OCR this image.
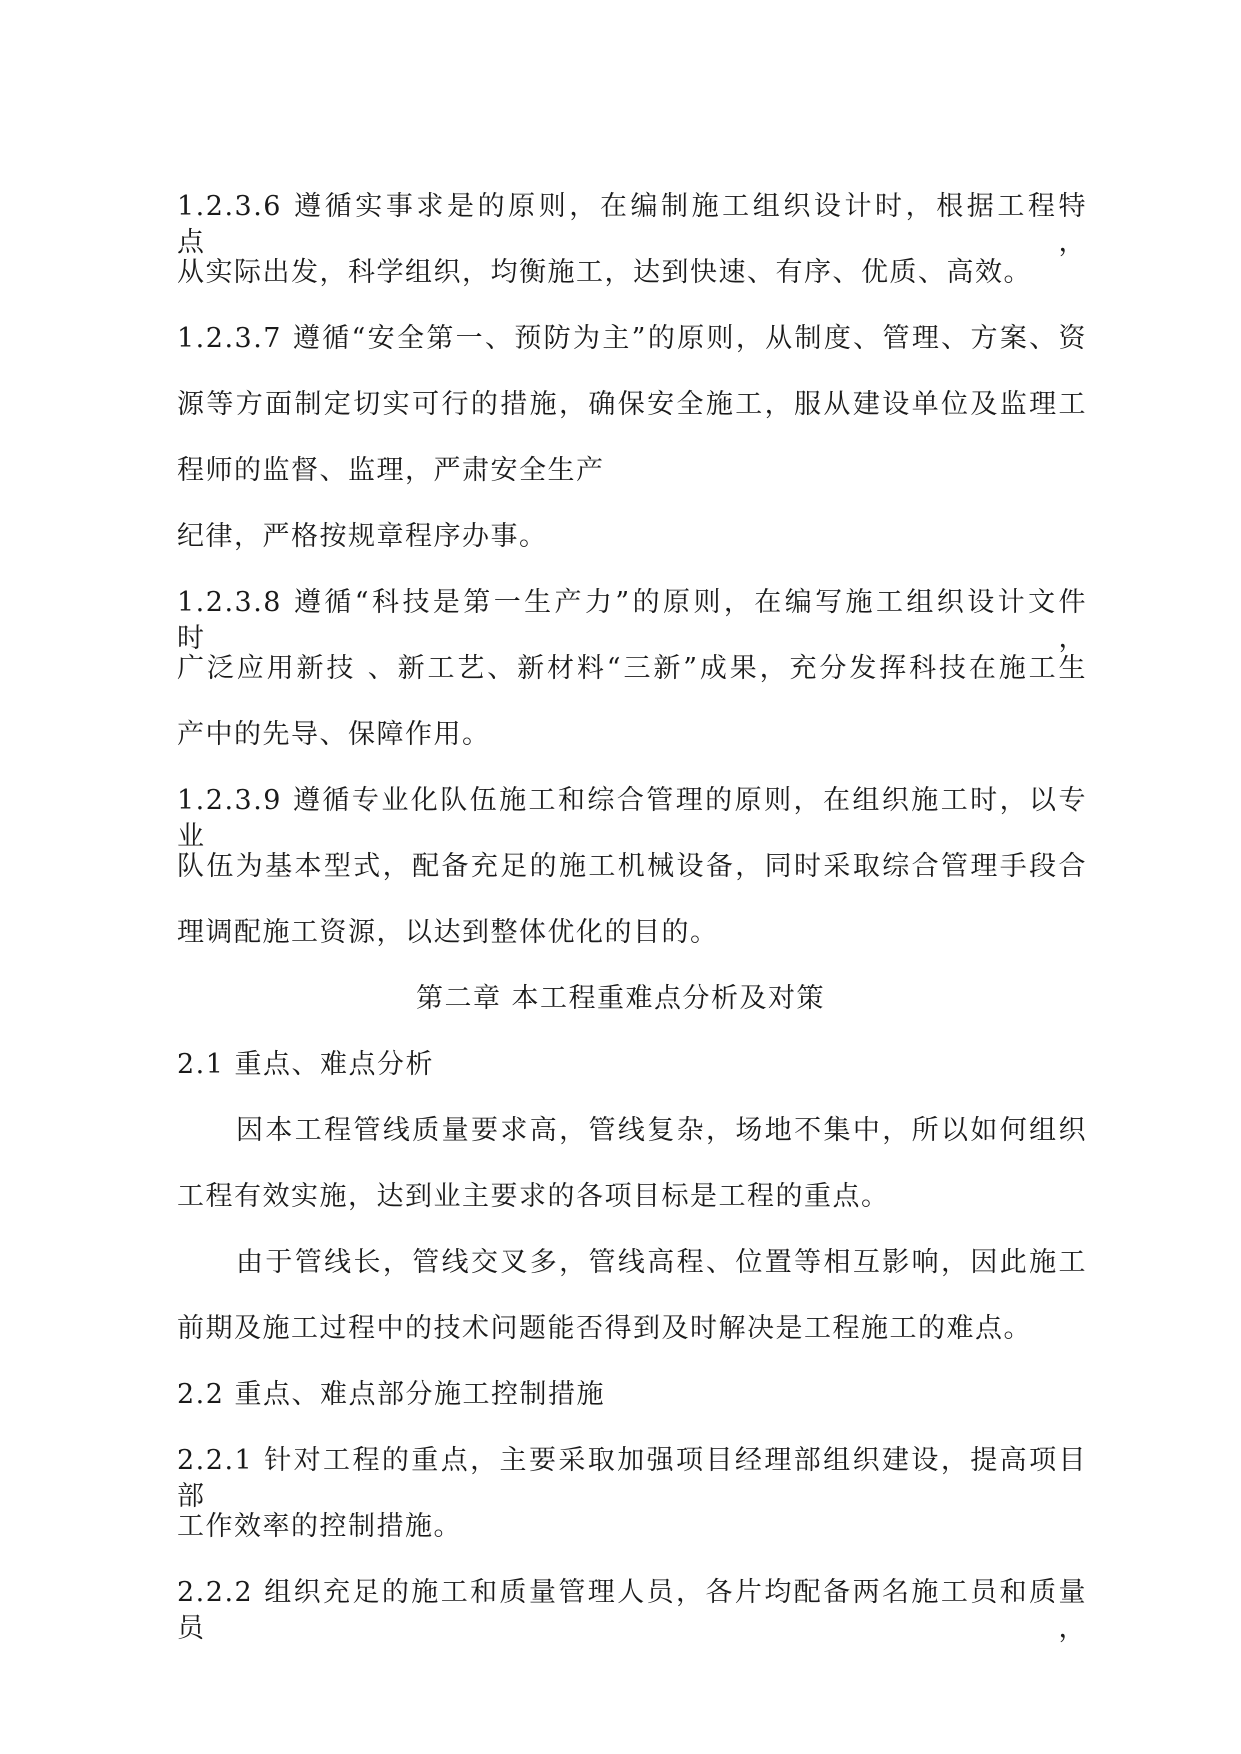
1.2.3.6 遵循实事求是的原则，在编制施工组织设计时，根据工程特点，
从实际出发，科学组织，均衡施工，达到快速、有序、优质、高效。
1.2.3.7 遵循“安全第一、预防为主”的原则，从制度、管理、方案、资
源等方面制定切实可行的措施，确保安全施工，服从建设单位及监理工
程师的监督、监理，严肃安全生产
纪律，严格按规章程序办事。
1.2.3.8 遵循“科技是第一生产力”的原则，在编写施工组织设计文件时，
广泛应用新技 、新工艺、新材料“三新”成果，充分发挥科技在施工生
产中的先导、保障作用。
1.2.3.9 遵循专业化队伍施工和综合管理的原则，在组织施工时，以专业
队伍为基本型式，配备充足的施工机械设备，同时采取综合管理手段合
理调配施工资源，以达到整体优化的目的。
第二章 本工程重难点分析及对策
2.1 重点、难点分析
因本工程管线质量要求高，管线复杂，场地不集中，所以如何组织
工程有效实施，达到业主要求的各项目标是工程的重点。
由于管线长，管线交叉多，管线高程、位置等相互影响，因此施工
前期及施工过程中的技术问题能否得到及时解决是工程施工的难点。
2.2 重点、难点部分施工控制措施
2.2.1 针对工程的重点，主要采取加强项目经理部组织建设，提高项目部
工作效率的控制措施。
2.2.2 组织充足的施工和质量管理人员，各片均配备两名施工员和质量员，
